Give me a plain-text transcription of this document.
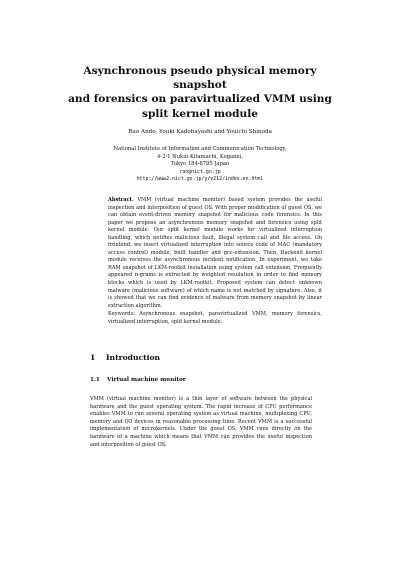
Asynchronous pseudo physical memory snapshot
and forensics on paravirtualized VMM using
split kernel module

Ruo Ando, Youki Kadobayashi and Youichi Shinoda

National Institute of Information and Communication Technology,
4-2-1 Nukui-Kitamachi, Koganei,
Tokyo 184-8795 Japan
ruo@nict.go.jp
http://www2.nict.go.jp/y/y212/index.en.html
Abstract. VMM (virtual machine monitor) based system provides the useful inspection and interposition of guest OS. With proper modification of guest OS, we can obtain event-driven memory snapshot for malicious code forensics. In this paper we propose an asynchronous memory snapshot and forensics using split kernel module. Our split kernel module works for virtualized interruption handling, which notifies malicious fault, illegal system call and file access. On frontend, we insert virtualized interruption into source code of MAC (mandatory access control) module, built handler and gcc-extension. Then, Backend kernel module receives the asynchronous incident notification. In experiment, we take RAM snapshot of LKM-rootkit installation using system call extension, Frequently appeared n-grams is extracted by weighted resolution in order to find memory blocks which is used by LKM-rootkit. Proposed system can detect unknown malware (malicious software) of which name is not matched by signature. Also, it is showed that we can find evidence of malware from memory snapshot by linear extraction algorithm.
Keywords: Asynchronous snapshot, paravirtualized VMM, memory forensics, virtualized interruption, split kernel module.
1 Introduction
1.1 Virtual machine monitor

VMM (virtual machine monitor) is a thin layer of software between the physical hardware and the guest operating system. The rapid increase of CPU performance enables VMM to run several operating system as virtual machine, multiplexing CPU, memory and I/O devices in reasonable processing time. Recent VMM is a successful implementation of microkernels. Under the guest OS, VMM runs directly on the hardware of a machine which means that VMM can provides the useful inspection and interposition of guest OS.
